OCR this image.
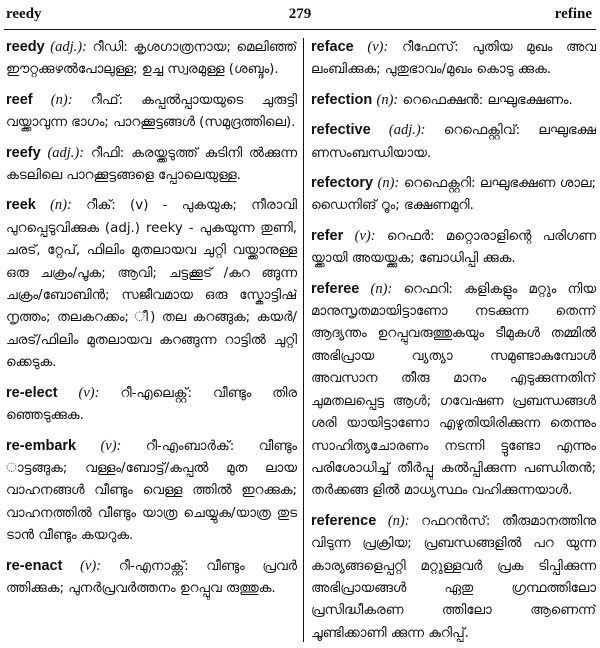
reedy	279	refine

reedy (adj.): റീഡി: കൃശഗാത്രനായ; മെലിഞ്ഞ് ഈറ്റക്കുഴൽപോലുള്ള; ഉച്ച സ്വരമുള്ള (ശബ്ദം).

reef (n): റീഫ്: കപ്പൽപ്പായയുടെ ചുരുട്ടി വയ്ക്കാവുന്ന ഭാഗം; പാറക്കൂട്ടങ്ങൾ (സമുദ്രത്തിലെ).

reefy (adj.): റീഫി: കരയ്ക്കടുത്ത് കുടിനി ൽക്കുന്ന കടലിലെ പാറക്കൂട്ടങ്ങളെ പ്പോലെയുള്ള.

reek (n): റീക്: (v) - പുകയുക; നീരാവി പുറപ്പെടുവിക്കുക (adj.) reeky - പുകയുന്ന തുണി, ചരട്, റ്റേപ്, ഫിലിം മുതലായവ ചുറ്റി വയ്ക്കാനുള്ള ഒരു ചക്രം/പൂക; ആവി; ചട്ടക്കൂട് /കറ ങ്ങുന്ന ചക്രം/ബോബിൻ; സജീവമായ ഒരു സ്കോട്ടിഷ് നൃത്തം; തലകറക്കം; ീ) തല കറങ്ങുക; കയർ/ചരട്/ഫിലിം മുതലായവ കറങ്ങുന്ന റാട്ടിൽ ചുറ്റി ക്കെടുക.

re-elect (v): റീ-എലെക്റ്റ്: വീണ്ടും തിര ഞ്ഞെടുക്കുക.

re-embark (v): റീ-എംബാർക്: വീണ്ടും ാട്ടങ്ങുക; വള്ളം/ബോട്ട്/കപ്പൽ മുത ലായ വാഹനങ്ങൾ വീണ്ടും വെള്ള ത്തിൽ ഇറക്കുക; വാഹനത്തിൽ വീണ്ടും യാത്ര ചെയ്യുക/യാത്ര തുട ടാൻ വീണ്ടും കയറുക.

re-enact (v): റീ-എനാക്റ്റ്: വീണ്ടും പ്രവർ ത്തിക്കുക; പുനർപ്രവർത്തനം ഉറപ്പുവ രുത്തുക.

reface (v): റീഫേസ്: പുതിയ മുഖം അവ ലംബിക്കുക; പുതുഭാവം/മുഖം കൊടു ക്കുക.

refection (n): റെഫെക്ഷൻ: ലഘുഭക്ഷണം.

refective (adj.): റെഫെക്റ്റിവ്: ലഘുഭക്ഷ ണസംബന്ധിയായ.

refectory (n): റെഫെക്റ്ററി: ലഘുഭക്ഷണ ശാല; ഡൈനിങ് റൂം; ഭക്ഷണമുറി.

refer (v): റെഫർ: മറ്റൊരാളിന്റെ പരിഗണ യ്ക്കായി അയയ്ക്കുക; ബോധിപ്പി ക്കുക.

referee (n): റെഫറി: കളികളും മറ്റും നിയ മാനുസൃതമായിട്ടാണോ നടക്കുന്ന തെന്ന് ആദ്യന്തം ഉറപ്പുവരുത്തുകയും ടീമുകൾ തമ്മിൽ അഭിപ്രായ വ്യത്യാ സമുണ്ടാകുമ്പോൾ അവസാന തീരു മാനം എടുക്കുന്നതിന് ചുമതലപ്പെട്ട ആൾ; ഗവേഷണ പ്രബന്ധങ്ങൾ ശരി യായിട്ടാണോ എഴുതിയിരിക്കുന്ന തെന്നും സാഹിത്യചോരണം നടന്നി ട്ടുണ്ടോ എന്നും പരിശോധിച്ച് തീർപ്പു കൽപ്പിക്കുന്ന പണ്ഡിതൻ; തർക്കങ്ങ ളിൽ മാധ്യസ്ഥം വഹിക്കുന്നയാൾ.

reference (n): റഫറൻസ്: തീരുമാനത്തിനു വിടുന്ന പ്രക്രിയ; പ്രബന്ധങ്ങളിൽ പറ യുന്ന കാര്യങ്ങളെപ്പറ്റി മറ്റുള്ളവർ പ്രക ടിപ്പിക്കുന്ന അഭിപ്രായങ്ങൾ ഏതു ഗ്രന്ഥത്തിലോ പ്രസിദ്ധീകരണ ത്തിലോ ആണെന്ന് ചൂണ്ടിക്കാണി ക്കുന്ന കുറിപ്പ്.
